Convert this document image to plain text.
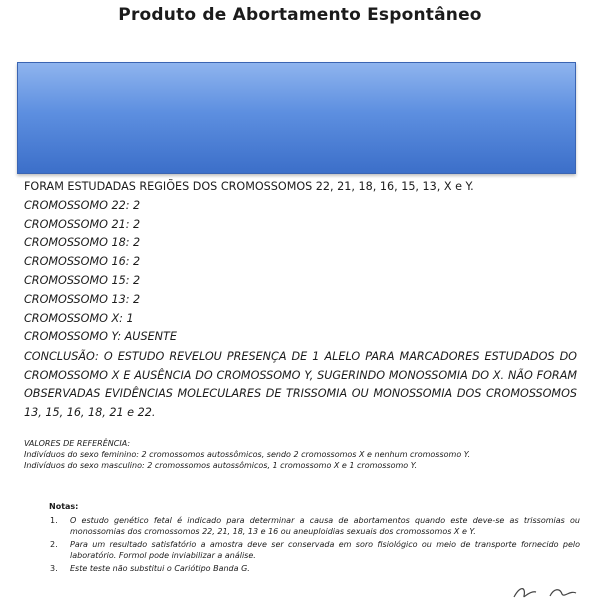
Produto de Abortamento Espontâneo
FORAM ESTUDADAS REGIÕES DOS CROMOSSOMOS 22, 21, 18, 16, 15, 13, X e Y.
CROMOSSOMO 22: 2
CROMOSSOMO 21: 2
CROMOSSOMO 18: 2
CROMOSSOMO 16: 2
CROMOSSOMO 15: 2
CROMOSSOMO 13: 2
CROMOSSOMO X: 1
CROMOSSOMO Y: AUSENTE
CONCLUSÃO: O ESTUDO REVELOU PRESENÇA DE 1 ALELO PARA MARCADORES ESTUDADOS DO CROMOSSOMO X E AUSÊNCIA DO CROMOSSOMO Y, SUGERINDO MONOSSOMIA DO X. NÃO FORAM OBSERVADAS EVIDÊNCIAS MOLECULARES DE TRISSOMIA OU MONOSSOMIA DOS CROMOSSOMOS 13, 15, 16, 18, 21 e 22.
VALORES DE REFERÊNCIA:
Indivíduos do sexo feminino: 2 cromossomos autossômicos, sendo 2 cromossomos X e nenhum cromossomo Y.
Indivíduos do sexo masculino: 2 cromossomos autossômicos, 1 cromossomo X e 1 cromossomo Y.
Notas:
1. O estudo genético fetal é indicado para determinar a causa de abortamentos quando este deve-se as trissomias ou monossomias dos cromossomos 22, 21, 18, 13 e 16 ou aneuploidias sexuais dos cromossomos X e Y.
2. Para um resultado satisfatório a amostra deve ser conservada em soro fisiológico ou meio de transporte fornecido pelo laboratório. Formol pode inviabilizar a análise.
3. Este teste não substitui o Cariótipo Banda G.
